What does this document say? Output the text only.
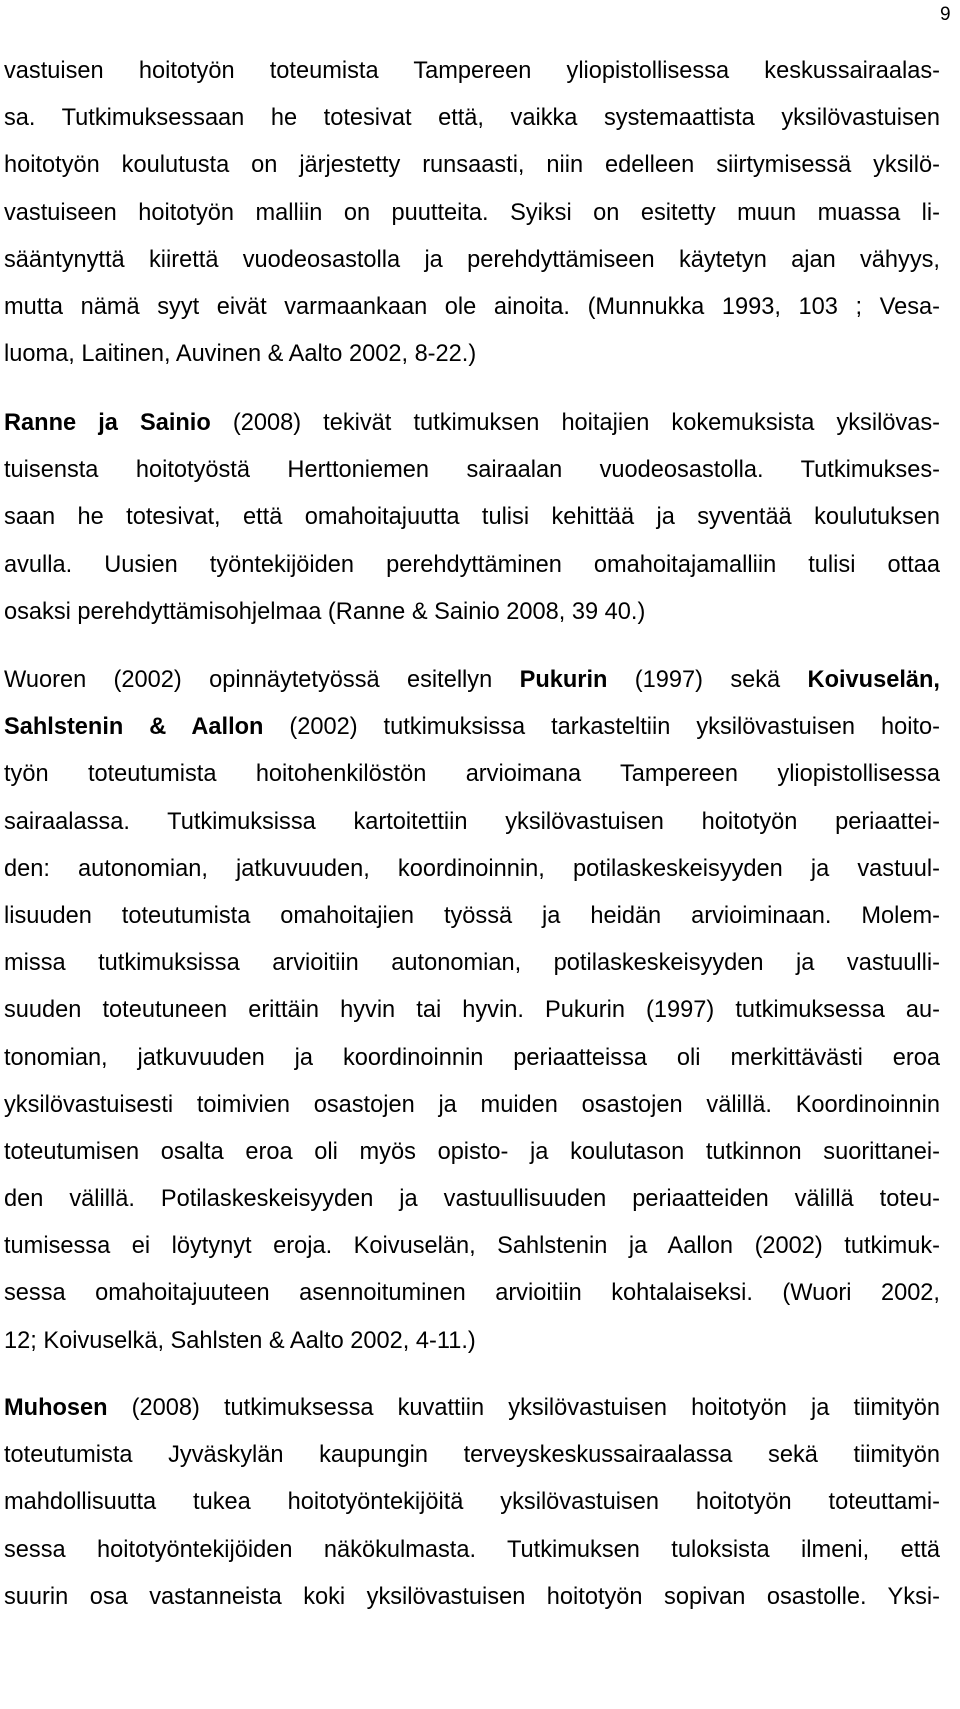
9
vastuisen hoitotyön toteumista Tampereen yliopistollisessa keskussairaalas-
sa. Tutkimuksessaan he totesivat että, vaikka systemaattista yksilövastuisen
hoitotyön koulutusta on järjestetty runsaasti, niin edelleen siirtymisessä yksilö-
vastuiseen hoitotyön malliin on puutteita. Syiksi on esitetty muun muassa li-
sääntynyttä kiirettä vuodeosastolla ja perehdyttämiseen käytetyn ajan vähyys,
mutta nämä syyt eivät varmaankaan ole ainoita. (Munnukka 1993, 103 ; Vesa-
luoma, Laitinen, Auvinen & Aalto 2002, 8-22.)
Ranne ja Sainio (2008) tekivät tutkimuksen hoitajien kokemuksista yksilövas-
tuisensta hoitotyöstä Herttoniemen sairaalan vuodeosastolla. Tutkimukses-
saan he totesivat, että omahoitajuutta tulisi kehittää ja syventää koulutuksen
avulla. Uusien työntekijöiden perehdyttäminen omahoitajamalliin tulisi ottaa
osaksi perehdyttämisohjelmaa (Ranne & Sainio 2008, 39 40.)
Wuoren (2002) opinnäytetyössä esitellyn Pukurin (1997) sekä Koivuselän,
Sahlstenin & Aallon (2002) tutkimuksissa tarkasteltiin yksilövastuisen hoito-
työn toteutumista hoitohenkilöstön arvioimana Tampereen yliopistollisessa
sairaalassa. Tutkimuksissa kartoitettiin yksilövastuisen hoitotyön periaattei-
den: autonomian, jatkuvuuden, koordinoinnin, potilaskeskeisyyden ja vastuul-
lisuuden toteutumista omahoitajien työssä ja heidän arvioiminaan. Molem-
missa tutkimuksissa arvioitiin autonomian, potilaskeskeisyyden ja vastuulli-
suuden toteutuneen erittäin hyvin tai hyvin. Pukurin (1997) tutkimuksessa au-
tonomian, jatkuvuuden ja koordinoinnin periaatteissa oli merkittävästi eroa
yksilövastuisesti toimivien osastojen ja muiden osastojen välillä. Koordinoinnin
toteutumisen osalta eroa oli myös opisto- ja koulutason tutkinnon suorittanei-
den välillä. Potilaskeskeisyyden ja vastuullisuuden periaatteiden välillä toteu-
tumisessa ei löytynyt eroja. Koivuselän, Sahlstenin ja Aallon (2002) tutkimuk-
sessa omahoitajuuteen asennoituminen arvioitiin kohtalaiseksi. (Wuori 2002,
12; Koivuselkä, Sahlsten & Aalto 2002, 4-11.)
Muhosen (2008) tutkimuksessa kuvattiin yksilövastuisen hoitotyön ja tiimityön
toteutumista Jyväskylän kaupungin terveyskeskussairaalassa sekä tiimityön
mahdollisuutta tukea hoitotyöntekijöitä yksilövastuisen hoitotyön toteuttami-
sessa hoitotyöntekijöiden näkökulmasta. Tutkimuksen tuloksista ilmeni, että
suurin osa vastanneista koki yksilövastuisen hoitotyön sopivan osastolle. Yksi-
